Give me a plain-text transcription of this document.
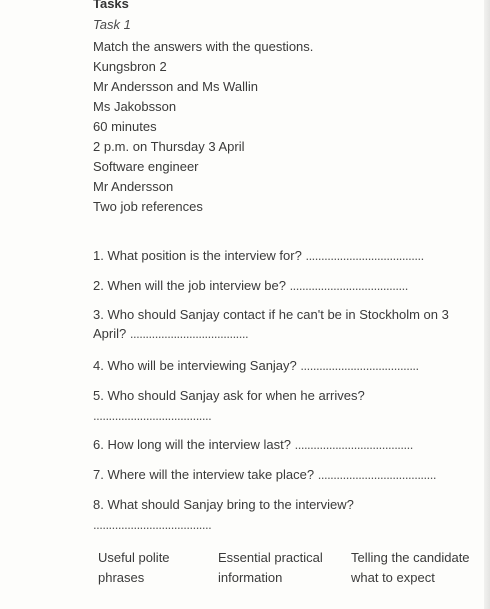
Tasks
Task 1
Match the answers with the questions.
Kungsbron 2
Mr Andersson and Ms Wallin
Ms Jakobsson
60 minutes
2 p.m. on Thursday 3 April
Software engineer
Mr Andersson
Two job references
1. What position is the interview for? ......................................
2. When will the job interview be? ......................................
3. Who should Sanjay contact if he can't be in Stockholm on 3 April? ......................................
4. Who will be interviewing Sanjay? ......................................
5. Who should Sanjay ask for when he arrives?
......................................
6. How long will the interview last? ......................................
7. Where will the interview take place? ......................................
8. What should Sanjay bring to the interview?
......................................
Useful polite phrases
Essential practical information
Telling the candidate what to expect
